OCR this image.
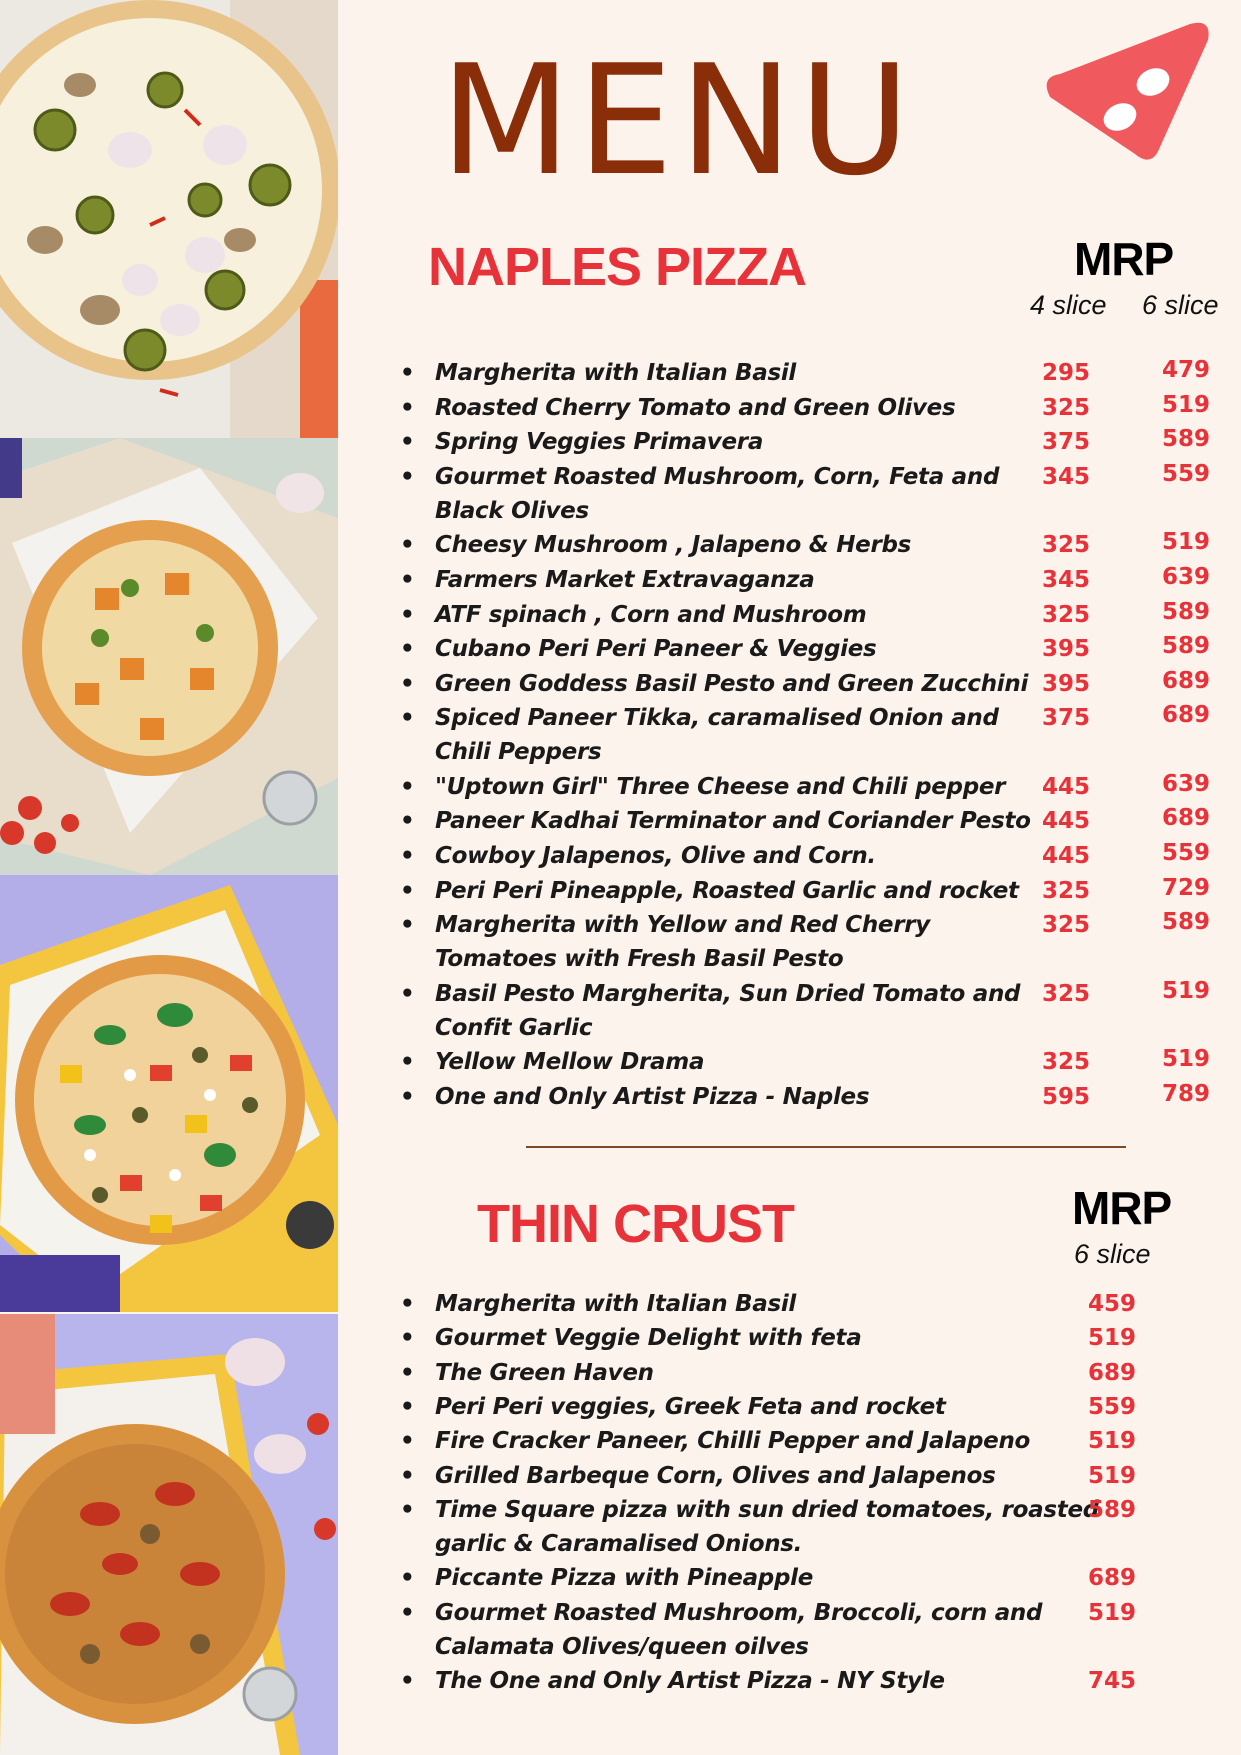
MENU
NAPLES PIZZA	MRP
4 slice 6 slice
• Margherita with Italian Basil	295	479
• Roasted Cherry Tomato and Green Olives	325	519
• Spring Veggies Primavera	375	589
• Gourmet Roasted Mushroom, Corn, Feta and
Black Olives
345	559
• Cheesy Mushroom , Jalapeno & Herbs	325	519
• Farmers Market Extravaganza	345	639
• ATF spinach , Corn and Mushroom	325	589
• Cubano Peri Peri Paneer & Veggies	395	589
• Green Goddess Basil Pesto and Green Zucchini 395	689
• Spiced Paneer Tikka, caramalised Onion and
Chili Peppers
375	689
• "Uptown Girl" Three Cheese and Chili pepper 445	639
• Paneer Kadhai Terminator and Coriander Pesto 445	689
• Cowboy Jalapenos, Olive and Corn.	445	559
• Peri Peri Pineapple, Roasted Garlic and rocket 325	729
• Margherita with Yellow and Red Cherry
Tomatoes with Fresh Basil Pesto
325	589
• Basil Pesto Margherita, Sun Dried Tomato and
Confit Garlic
325	519
• Yellow Mellow Drama	325	519
• One and Only Artist Pizza - Naples	595	789
THIN CRUST	MRP
6 slice
• Margherita with Italian Basil	459
• Gourmet Veggie Delight with feta	519
• The Green Haven	689
• Peri Peri veggies, Greek Feta and rocket	559
• Fire Cracker Paneer, Chilli Pepper and Jalapeno	519
• Grilled Barbeque Corn, Olives and Jalapenos	519
• Time Square pizza with sun dried tomatoes, roasted
garlic & Caramalised Onions.
589
• Piccante Pizza with Pineapple	689
• Gourmet Roasted Mushroom, Broccoli, corn and
Calamata Olives/queen oilves
519
• The One and Only Artist Pizza - NY Style	745
